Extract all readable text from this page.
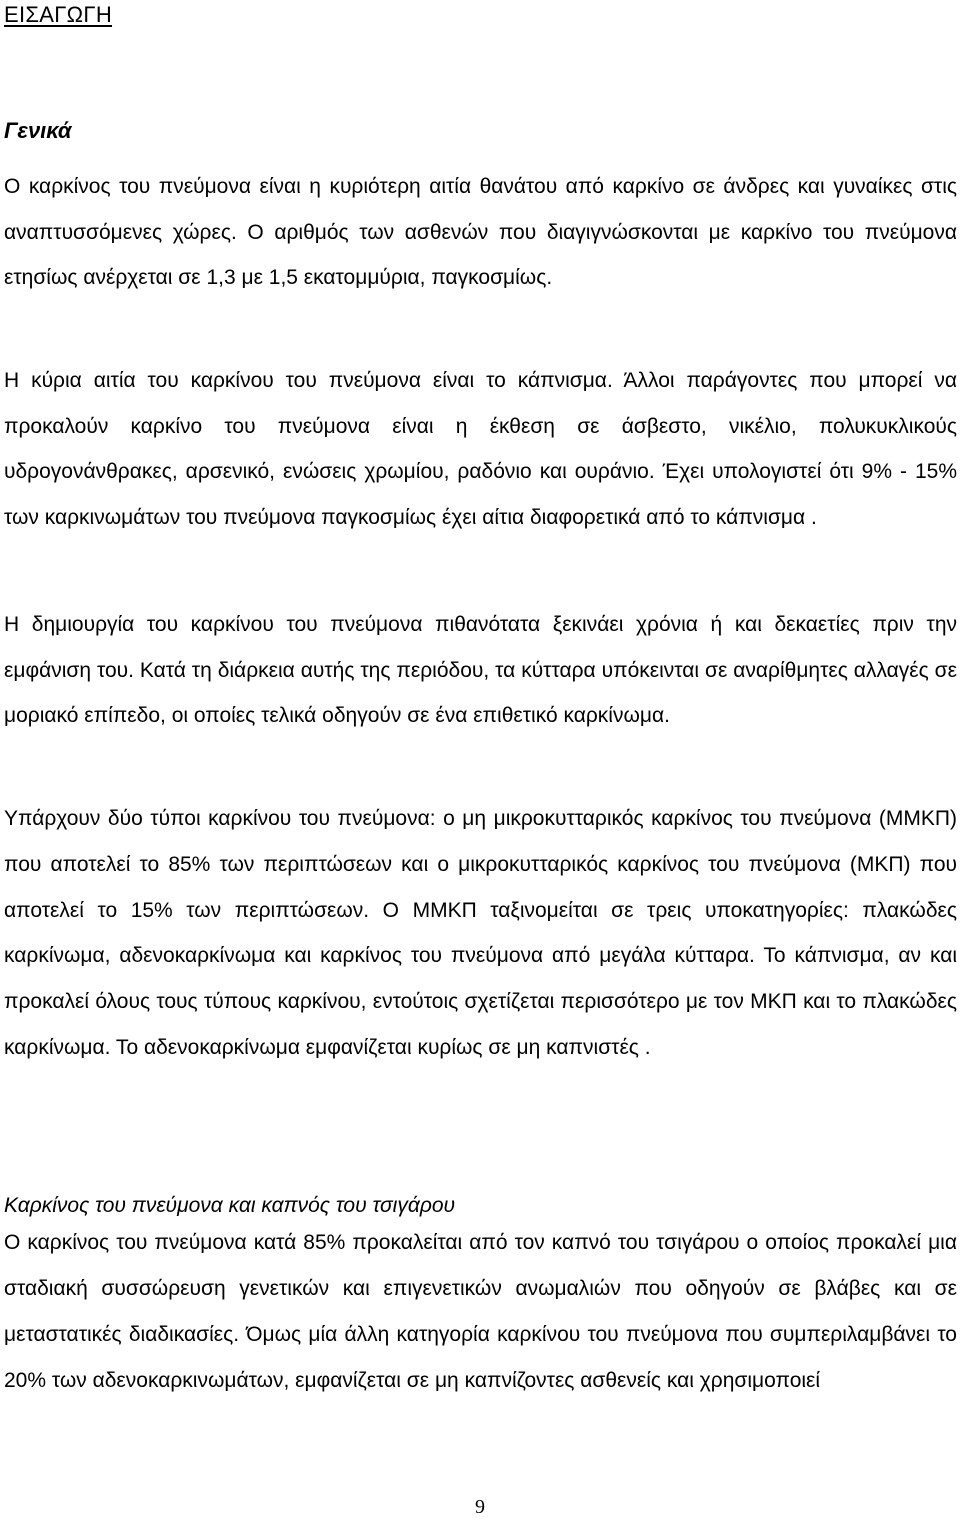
ΕΙΣΑΓΩΓΗ
Γενικά

Ο καρκίνος του πνεύμονα είναι η κυριότερη αιτία θανάτου από καρκίνο σε άνδρες και γυναίκες στις αναπτυσσόμενες χώρες. Ο αριθμός των ασθενών που διαγιγνώσκονται με καρκίνο του πνεύμονα ετησίως ανέρχεται σε 1,3 με 1,5 εκατομμύρια, παγκοσμίως.

Η κύρια αιτία του καρκίνου του πνεύμονα είναι το κάπνισμα. Άλλοι παράγοντες που μπορεί να προκαλούν καρκίνο του πνεύμονα είναι η έκθεση σε άσβεστο, νικέλιο, πολυκυκλικούς υδρογονάνθρακες, αρσενικό, ενώσεις χρωμίου, ραδόνιο και ουράνιο. Έχει υπολογιστεί ότι 9% - 15% των καρκινωμάτων του πνεύμονα παγκοσμίως έχει αίτια διαφορετικά από το κάπνισμα .

Η δημιουργία του καρκίνου του πνεύμονα πιθανότατα ξεκινάει χρόνια ή και δεκαετίες πριν την εμφάνιση του. Κατά τη διάρκεια αυτής της περιόδου, τα κύτταρα υπόκεινται σε αναρίθμητες αλλαγές σε μοριακό επίπεδο, οι οποίες τελικά οδηγούν σε ένα επιθετικό καρκίνωμα.

Υπάρχουν δύο τύποι καρκίνου του πνεύμονα: ο μη μικροκυτταρικός καρκίνος του πνεύμονα (ΜΜΚΠ) που αποτελεί το 85% των περιπτώσεων και ο μικροκυτταρικός καρκίνος του πνεύμονα (ΜΚΠ) που αποτελεί το 15% των περιπτώσεων. Ο ΜΜΚΠ ταξινομείται σε τρεις υποκατηγορίες: πλακώδες καρκίνωμα, αδενοκαρκίνωμα και καρκίνος του πνεύμονα από μεγάλα κύτταρα. Το κάπνισμα, αν και προκαλεί όλους τους τύπους καρκίνου, εντούτοις σχετίζεται περισσότερο με τον ΜΚΠ και το πλακώδες καρκίνωμα. Το αδενοκαρκίνωμα εμφανίζεται κυρίως σε μη καπνιστές .

Καρκίνος του πνεύμονα και καπνός του τσιγάρου

Ο καρκίνος του πνεύμονα κατά 85% προκαλείται από τον καπνό του τσιγάρου ο οποίος προκαλεί μια σταδιακή συσσώρευση γενετικών και επιγενετικών ανωμαλιών που οδηγούν σε βλάβες και σε μεταστατικές διαδικασίες. Όμως μία άλλη κατηγορία καρκίνου του πνεύμονα που συμπεριλαμβάνει το 20% των αδενοκαρκινωμάτων, εμφανίζεται σε μη καπνίζοντες ασθενείς και χρησιμοποιεί

9
